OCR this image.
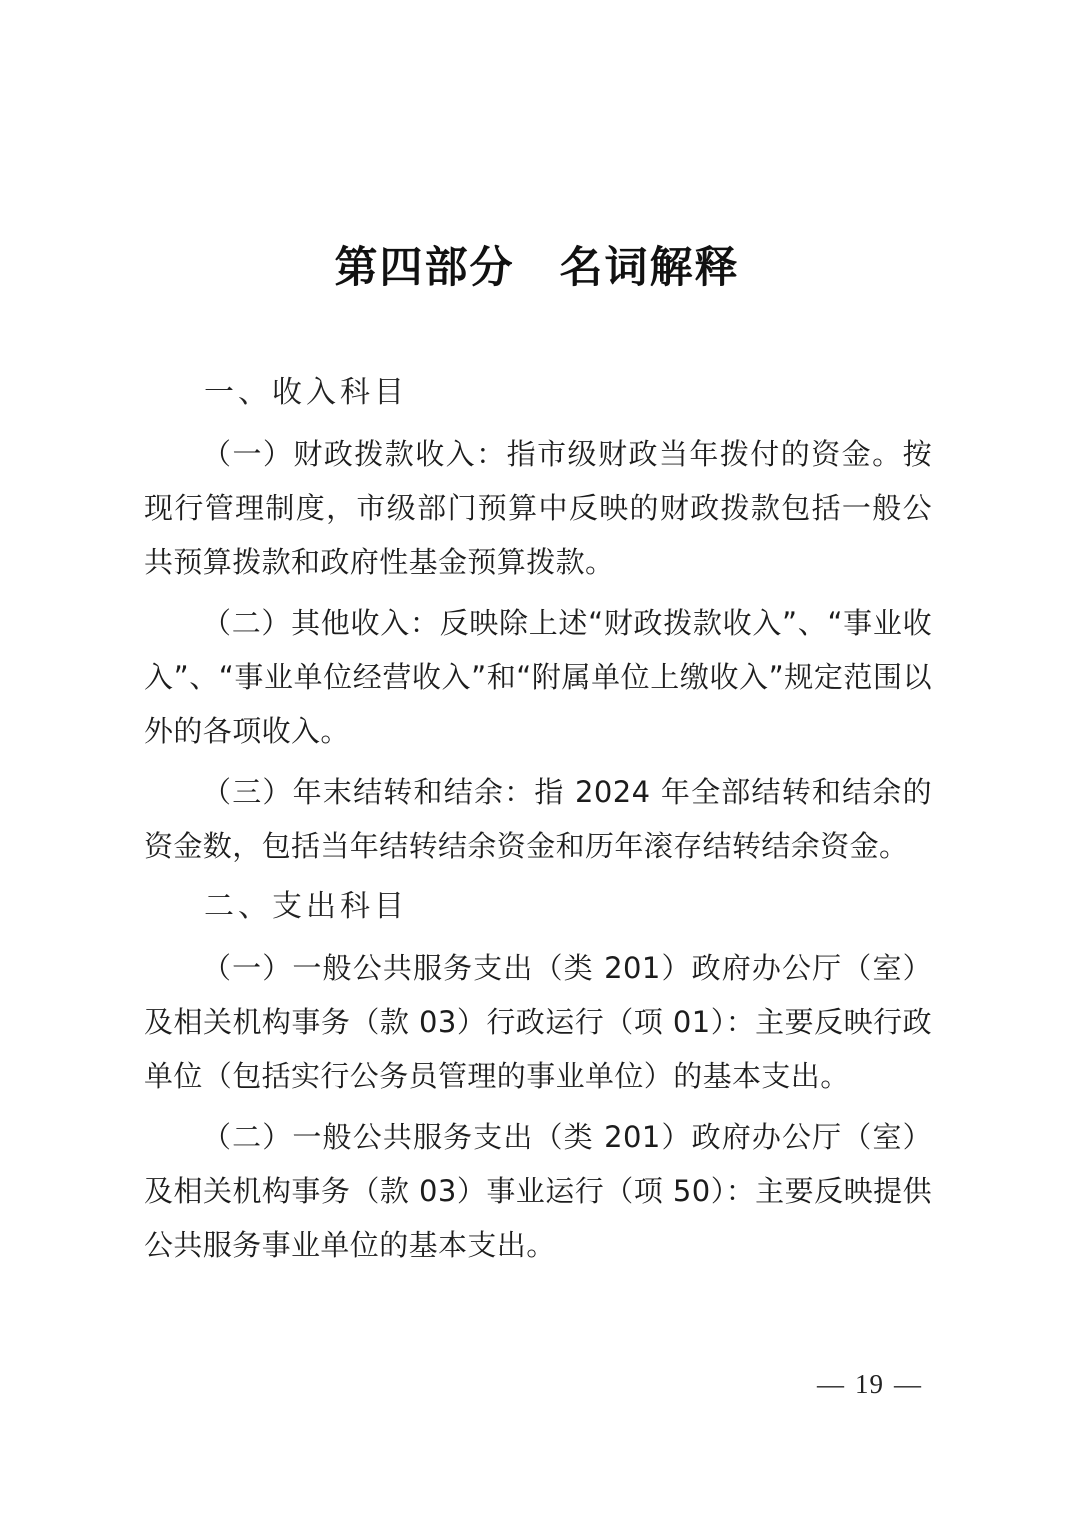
第四部分　名词解释
一、收入科目

（一）财政拨款收入：指市级财政当年拨付的资金。按现行管理制度，市级部门预算中反映的财政拨款包括一般公共预算拨款和政府性基金预算拨款。

（二）其他收入：反映除上述“财政拨款收入”、“事业收入”、“事业单位经营收入”和“附属单位上缴收入”规定范围以外的各项收入。

（三）年末结转和结余：指 2024 年全部结转和结余的资金数，包括当年结转结余资金和历年滚存结转结余资金。

二、支出科目

（一）一般公共服务支出（类 201）政府办公厅（室）及相关机构事务（款 03）行政运行（项 01）：主要反映行政单位（包括实行公务员管理的事业单位）的基本支出。

（二）一般公共服务支出（类 201）政府办公厅（室）及相关机构事务（款 03）事业运行（项 50）：主要反映提供公共服务事业单位的基本支出。

— 19 —
